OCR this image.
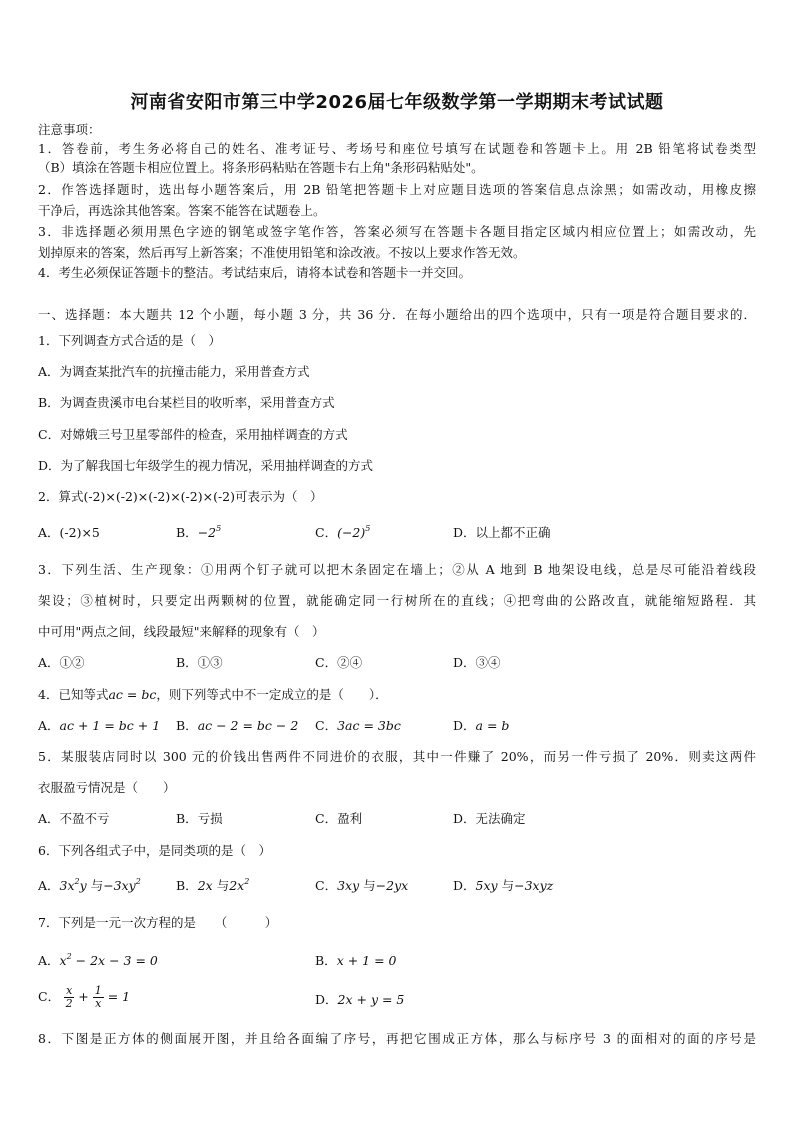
河南省安阳市第三中学2026届七年级数学第一学期期末考试试题
注意事项：
1．答卷前，考生务必将自己的姓名、准考证号、考场号和座位号填写在试题卷和答题卡上。用 2B 铅笔将试卷类型
（B）填涂在答题卡相应位置上。将条形码粘贴在答题卡右上角"条形码粘贴处"。
2．作答选择题时，选出每小题答案后，用 2B 铅笔把答题卡上对应题目选项的答案信息点涂黑；如需改动，用橡皮擦
干净后，再选涂其他答案。答案不能答在试题卷上。
3．非选择题必须用黑色字迹的钢笔或签字笔作答，答案必须写在答题卡各题目指定区域内相应位置上；如需改动，先
划掉原来的答案，然后再写上新答案；不准使用铅笔和涂改液。不按以上要求作答无效。
4．考生必须保证答题卡的整洁。考试结束后，请将本试卷和答题卡一并交回。
一、选择题：本大题共 12 个小题，每小题 3 分，共 36 分．在每小题给出的四个选项中，只有一项是符合题目要求的．
1．下列调查方式合适的是（　）
A．为调查某批汽车的抗撞击能力，采用普查方式
B．为调查贵溪市电台某栏目的收听率，采用普查方式
C．对嫦娥三号卫星零部件的检查，采用抽样调查的方式
D．为了解我国七年级学生的视力情况，采用抽样调查的方式
2．算式(-2)×(-2)×(-2)×(-2)×(-2)可表示为（　）
A．(-2)×5	B．$-2^5$	C．$(-2)^5$	D．以上都不正确
3．下列生活、生产现象：①用两个钉子就可以把木条固定在墙上；②从 A 地到 B 地架设电线，总是尽可能沿着线段
架设；③植树时，只要定出两颗树的位置，就能确定同一行树所在的直线；④把弯曲的公路改直，就能缩短路程．其
中可用"两点之间，线段最短"来解释的现象有（　）
A．①②	B．①③	C．②④	D．③④
4．已知等式ac = bc，则下列等式中不一定成立的是（　　）．
A．ac + 1 = bc + 1 B．ac − 2 = bc − 2 C．3ac = 3bc	D．a = b
5．某服装店同时以 300 元的价钱出售两件不同进价的衣服，其中一件赚了 20%，而另一件亏损了 20%．则卖这两件
衣服盈亏情况是（　　）
A．不盈不亏	B．亏损	C．盈利	D．无法确定
6．下列各组式子中，是同类项的是（　）
A．$3x^2y$ 与$-3xy^2$	B．2x 与$2x^2$	C．3xy 与−2yx	D．5xy 与−3xyz
7．下列是一元一次方程的是　　（　　　）
A．$x^2 - 2x - 3 = 0$	B．x + 1 = 0
C． $\frac{x}{2} + \frac{1}{x} = 1$	D．2x + y = 5
8．下图是正方体的侧面展开图，并且给各面编了序号，再把它围成正方体，那么与标序号 3 的面相对的面的序号是
